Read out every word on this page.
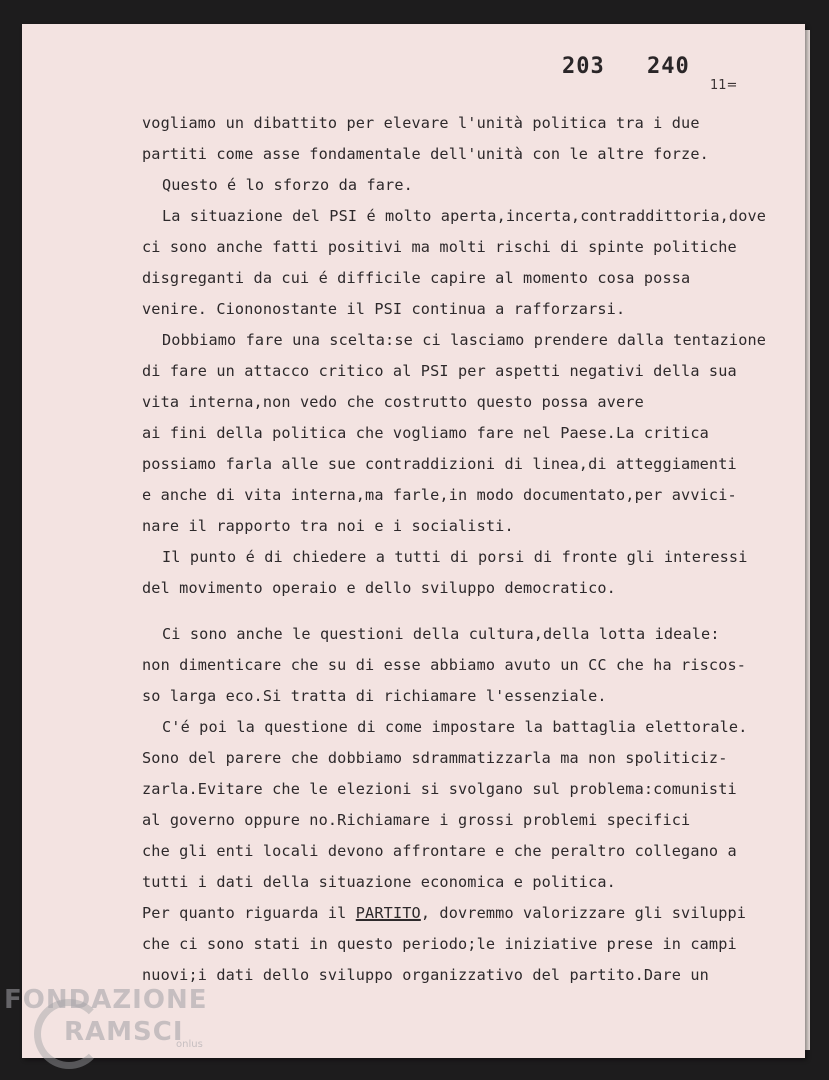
203 240
11=
vogliamo un dibattito per elevare l'unità politica tra i due
partiti come asse fondamentale dell'unità con le altre forze.
Questo é lo sforzo da fare.
La situazione del PSI é molto aperta,incerta,contraddittoria,dove
ci sono anche fatti positivi ma molti rischi di spinte politiche
disgreganti da cui é difficile capire al momento cosa possa
venire. Ciononostante il PSI continua a rafforzarsi.
Dobbiamo fare una scelta:se ci lasciamo prendere dalla tentazione
di fare un attacco critico al PSI per aspetti negativi della sua
vita interna,non vedo che costrutto questo possa avere
ai fini della politica che vogliamo fare nel Paese.La critica
possiamo farla alle sue contraddizioni di linea,di atteggiamenti
e anche di vita interna,ma farle,in modo documentato,per avvici-
nare il rapporto tra noi e i socialisti.
Il punto é di chiedere a tutti di porsi di fronte gli interessi
del movimento operaio e dello sviluppo democratico.
Ci sono anche le questioni della cultura,della lotta ideale:
non dimenticare che su di esse abbiamo avuto un CC che ha riscos-
so larga eco.Si tratta di richiamare l'essenziale.
C'é poi la questione di come impostare la battaglia elettorale.
Sono del parere che dobbiamo sdrammatizzarla ma non spoliticiz-
zarla.Evitare che le elezioni si svolgano sul problema:comunisti
al governo oppure no.Richiamare i grossi problemi specifici
che gli enti locali devono affrontare e che peraltro collegano a
tutti i dati della situazione economica e politica.
Per quanto riguarda il PARTITO, dovremmo valorizzare gli sviluppi
che ci sono stati in questo periodo;le iniziative prese in campi
nuovi;i dati dello sviluppo organizzativo del partito.Dare un
FONDAZIONE
RAMSCI
onlus
